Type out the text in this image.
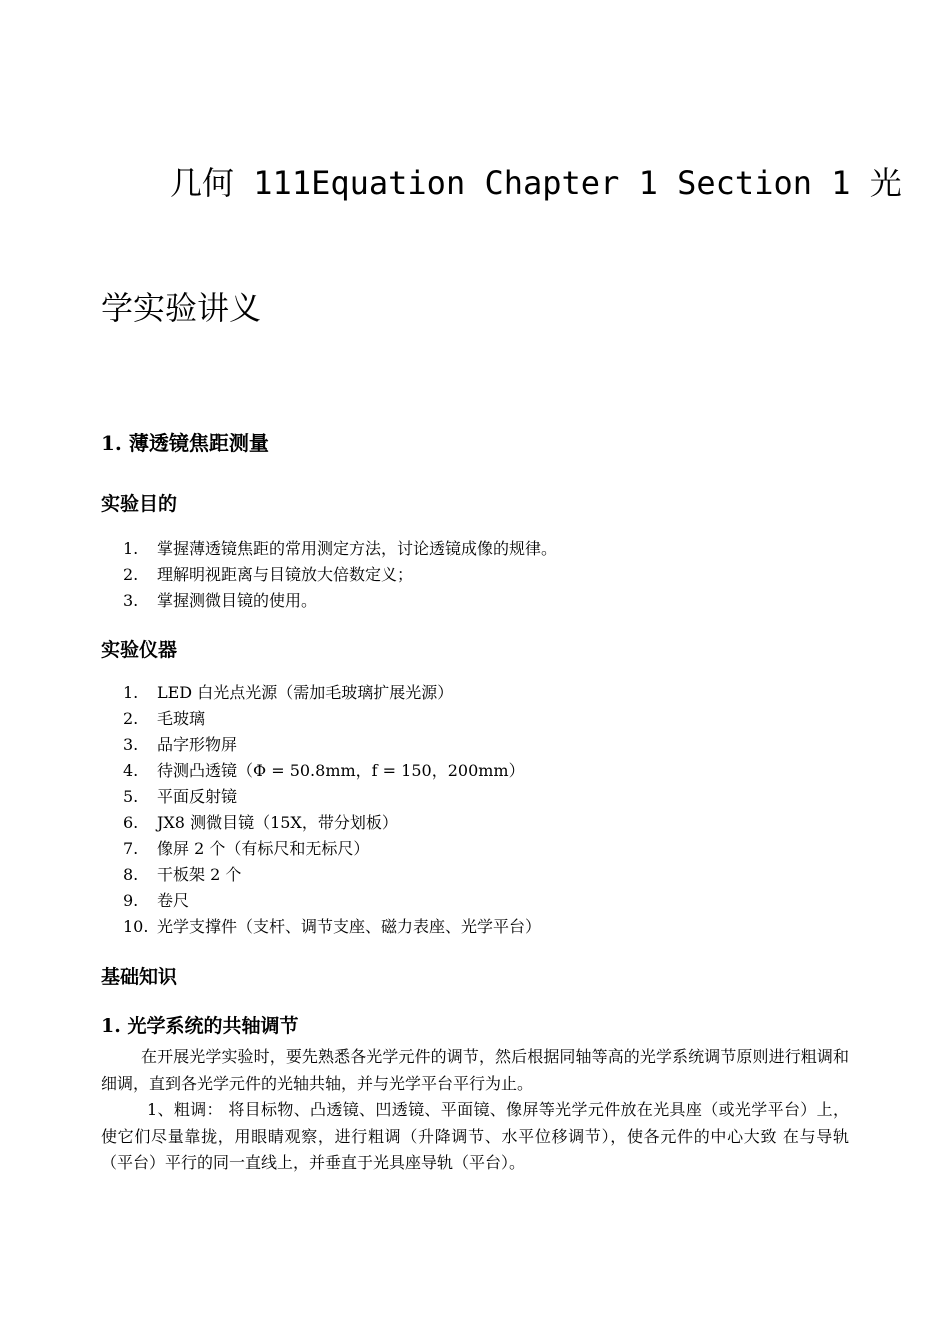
几何 111Equation Chapter 1 Section 1 光
学实验讲义
1. 薄透镜焦距测量
实验目的
1. 掌握薄透镜焦距的常用测定方法，讨论透镜成像的规律。
2. 理解明视距离与目镜放大倍数定义；
3. 掌握测微目镜的使用。
实验仪器
1. LED 白光点光源（需加毛玻璃扩展光源）
2. 毛玻璃
3. 品字形物屏
4. 待测凸透镜（Φ = 50.8mm，f = 150，200mm）
5. 平面反射镜
6. JX8 测微目镜（15X，带分划板）
7. 像屏 2 个（有标尺和无标尺）
8. 干板架 2 个
9. 卷尺
10. 光学支撑件（支杆、调节支座、磁力表座、光学平台）
基础知识
1. 光学系统的共轴调节

在开展光学实验时，要先熟悉各光学元件的调节，然后根据同轴等高的光学系统调节原则进行粗调和细调，直到各光学元件的光轴共轴，并与光学平台平行为止。

1、粗调： 将目标物、凸透镜、凹透镜、平面镜、像屏等光学元件放在光具座（或光学平台）上，使它们尽量靠拢，用眼睛观察，进行粗调（升降调节、水平位移调节），使各元件的中心大致 在与导轨（平台）平行的同一直线上，并垂直于光具座导轨（平台）。
